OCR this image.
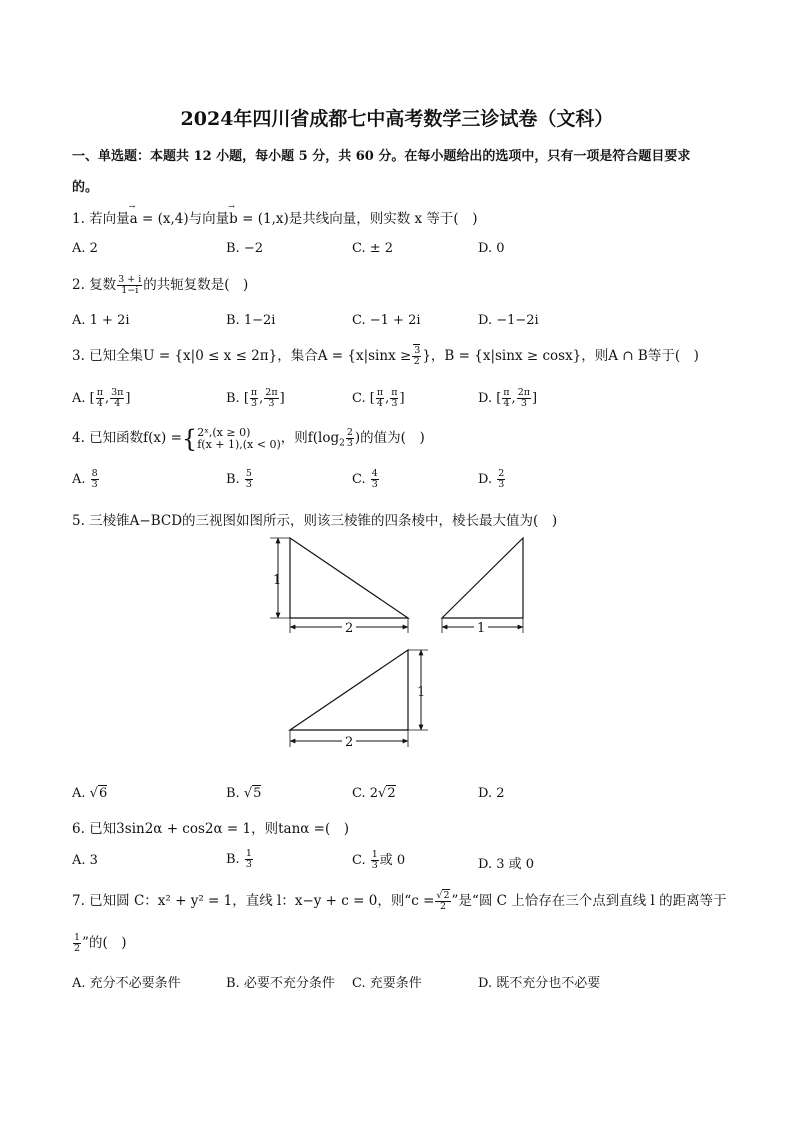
2024年四川省成都七中高考数学三诊试卷（文科）
一、单选题：本题共 12 小题，每小题 5 分，共 60 分。在每小题给出的选项中，只有一项是符合题目要求
的。
1. 若向量→ a = (x,4)与向量→ b = (1,x)是共线向量，则实数 x 等于(　)
A. 2	B. −2	C. ± 2	D. 0
2. 复数 $\frac{3 + i}{1-i}$ 的共轭复数是(　)
A. 1 + 2i	B. 1−2i	C. −1 + 2i	D. −1−2i
3. 已知全集U = {x|0 ≤ x ≤ 2π}，集合$A = \{x|\sin x \ge \frac{3}{2}$ }，B = {x|sinx ≥ cosx}，则A ∩ B等于(　)
A. [ $\frac{\pi}{4}$ , $\frac{3\pi}{4}$ ]	B. [ $\frac{\pi}{3}$ , $\frac{2\pi}{3}$ ]	C. [ $\frac{\pi}{4}$ , $\frac{\pi}{3}$ ]	D. [ $\frac{\pi}{4}$ , $\frac{2\pi}{3}$ ]
4. 已知函数f(x) ={ 2ˣ,(x ≥ 0)
f(x + 1),(x < 0) ，则$f(\log_2 \frac{2}{3}$ )的值为(　)
A. $\frac{8}{3}$	B. $\frac{5}{3}$	C. $\frac{4}{3}$	D. $\frac{2}{3}$
5. 三棱锥A−BCD的三视图如图所示，则该三棱锥的四条棱中，棱长最大值为(　)
1
2	1
1
2
A. √6	B. √5	C. 2√2	D. 2
6. 已知3sin2α + cos2α = 1，则tanα =(　)
A. 3	B. $\frac{1}{3}$	C. $\frac{1}{3}$ 或 0	D. 3 或 0
7. 已知圆 C：x² + y² = 1，直线 l：x−y + c = 0，则“$c = \frac{√2}{2}$ ”是“圆 C 上恰存在三个点到直线 l 的距离等于
$\frac{1}{2}$ ”的(　)
A. 充分不必要条件	B. 必要不充分条件 C. 充要条件	D. 既不充分也不必要
